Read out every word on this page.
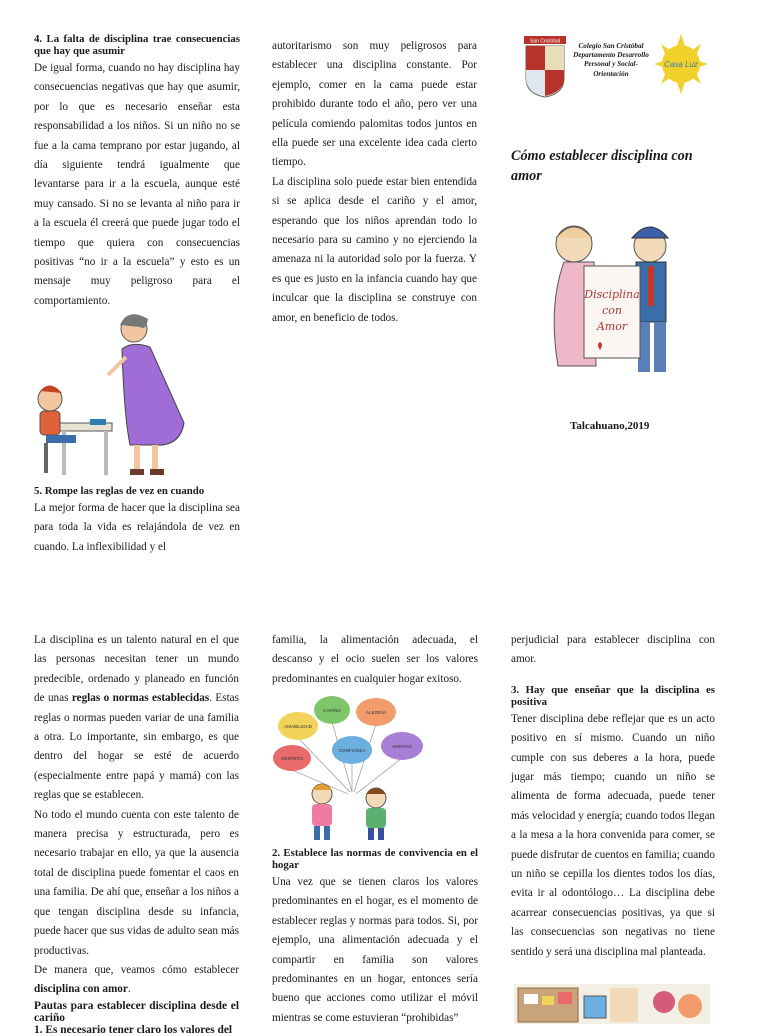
4. La falta de disciplina trae consecuencias que hay que asumir

De igual forma, cuando no hay disciplina hay consecuencias negativas que hay que asumir, por lo que es necesario enseñar esta responsabilidad a los niños. Si un niño no se fue a la cama temprano por estar jugando, al día siguiente tendrá igualmente que levantarse para ir a la escuela, aunque esté muy cansado. Si no se levanta al niño para ir a la escuela él creerá que puede jugar todo el tiempo que quiera con consecuencias positivas “no ir a la escuela” y esto es un mensaje muy peligroso para el comportamiento.

5. Rompe las reglas de vez en cuando

La mejor forma de hacer que la disciplina sea para toda la vida es relajándola de vez en cuando. La inflexibilidad y el

autoritarismo son muy peligrosos para establecer una disciplina constante. Por ejemplo, comer en la cama puede estar prohibido durante todo el año, pero ver una película comiendo palomitas todos juntos en ella puede ser una excelente idea cada cierto tiempo.

La disciplina solo puede estar bien entendida si se aplica desde el cariño y el amor, esperando que los niños aprendan todo lo necesario para su camino y no ejerciendo la amenaza ni la autoridad solo por la fuerza. Y es que es justo en la infancia cuando hay que inculcar que la disciplina se construye con amor, en beneficio de todos.

San Cristóbal
Colegio San Cristóbal Departamento Desarrollo Personal y Social- Orientación
Casa Luz

Cómo establecer disciplina con amor

Disciplina con Amor
Talcahuano,2019

La disciplina es un talento natural en el que las personas necesitan tener un mundo predecible, ordenado y planeado en función de unas reglas o normas establecidas. Estas reglas o normas pueden variar de una familia a otra. Lo importante, sin embargo, es que dentro del hogar se esté de acuerdo (especialmente entre papá y mamá) con las reglas que se establecen.

No todo el mundo cuenta con este talento de manera precisa y estructurada, pero es necesario trabajar en ello, ya que la ausencia total de disciplina puede fomentar el caos en una familia. De ahí que, enseñar a los niños a que tengan disciplina desde su infancia, puede hacer que sus vidas de adulto sean más productivas.

De manera que, veamos cómo establecer disciplina con amor.

Pautas para establecer disciplina desde el cariño

1. Es necesario tener claro los valores del

familia, la alimentación adecuada, el descanso y el ocio suelen ser los valores predominantes en cualquier hogar exitoso.

CARIÑO
AMABILIDAD
ALEGRÍA
RESPETO
CONFIANZA
AMISTAD

2. Establece las normas de convivencia en el hogar

Una vez que se tienen claros los valores predominantes en el hogar, es el momento de establecer reglas y normas para todos. Si, por ejemplo, una alimentación adecuada y el compartir en familia son valores predominantes en un hogar, entonces sería bueno que acciones como utilizar el móvil mientras se come estuvieran “prohibidas”

perjudicial para establecer disciplina con amor.

3. Hay que enseñar que la disciplina es positiva

Tener disciplina debe reflejar que es un acto positivo en sí mismo. Cuando un niño cumple con sus deberes a la hora, puede jugar más tiempo; cuando un niño se alimenta de forma adecuada, puede tener más velocidad y energía; cuando todos llegan a la mesa a la hora convenida para comer, se puede disfrutar de cuentos en familia; cuando un niño se cepilla los dientes todos los días, evita ir al odontólogo… La disciplina debe acarrear consecuencias positivas, ya que si las consecuencias son negativas no tiene sentido y será una disciplina mal planteada.
